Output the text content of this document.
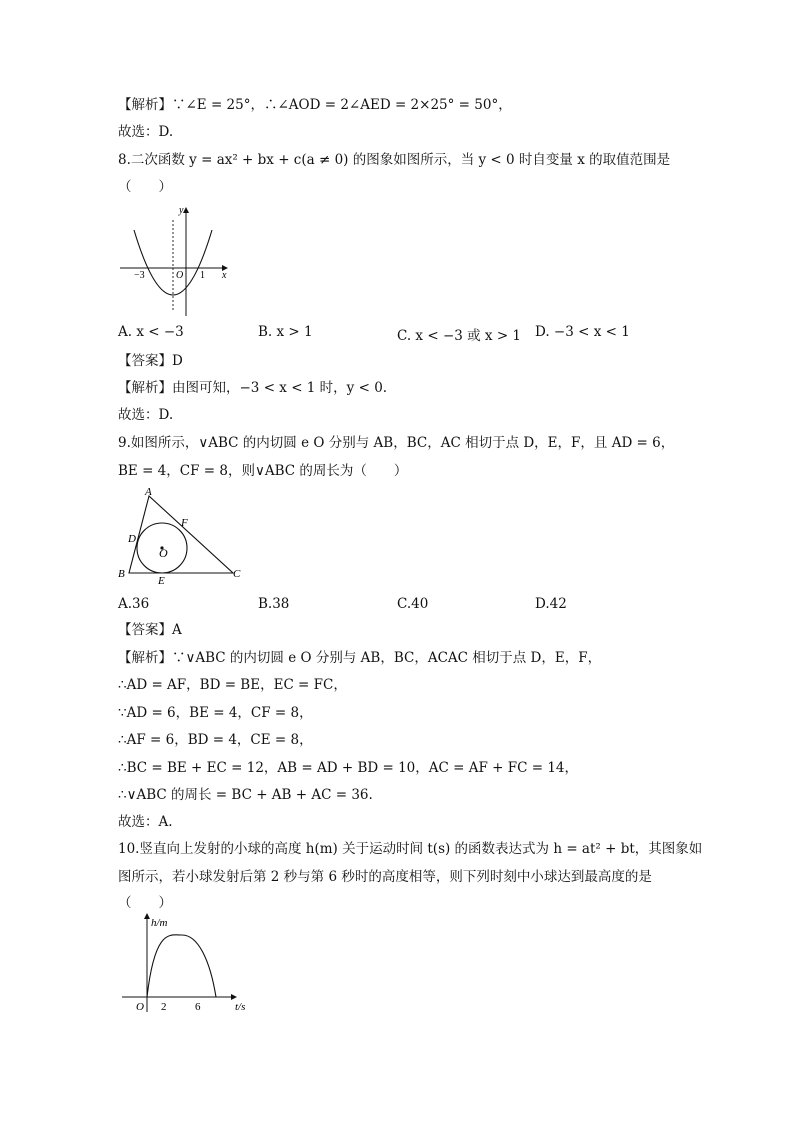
【解析】∵∠E = 25°，∴∠AOD = 2∠AED = 2×25° = 50°，
故选：D.
8.二次函数 y = ax² + bx + c(a ≠ 0) 的图象如图所示，当 y < 0 时自变量 x 的取值范围是
（　　）
y
x
O
−3	1
A. x < −3	B. x > 1	C. x < −3 或 x > 1 D. −3 < x < 1
【答案】D
【解析】由图可知，−3 < x < 1 时，y < 0.
故选：D.
9.如图所示，∨ABC 的内切圆 e O 分别与 AB，BC，AC 相切于点 D，E，F，且 AD = 6，
BE = 4，CF = 8，则∨ABC 的周长为（　　）
A
B	C
D
E
F
O
A.36	B.38	C.40	D.42
【答案】A
【解析】∵∨ABC 的内切圆 e O 分别与 AB，BC，ACAC 相切于点 D，E，F，
∴AD = AF，BD = BE，EC = FC，
∵AD = 6，BE = 4，CF = 8，
∴AF = 6，BD = 4，CE = 8，
∴BC = BE + EC = 12，AB = AD + BD = 10，AC = AF + FC = 14，
∴∨ABC 的周长 = BC + AB + AC = 36.
故选：A.
10.竖直向上发射的小球的高度 h(m) 关于运动时间 t(s) 的函数表达式为 h = at² + bt，其图象如
图所示，若小球发射后第 2 秒与第 6 秒时的高度相等，则下列时刻中小球达到最高度的是
（　　）
h/m
t/s
O 2	6
